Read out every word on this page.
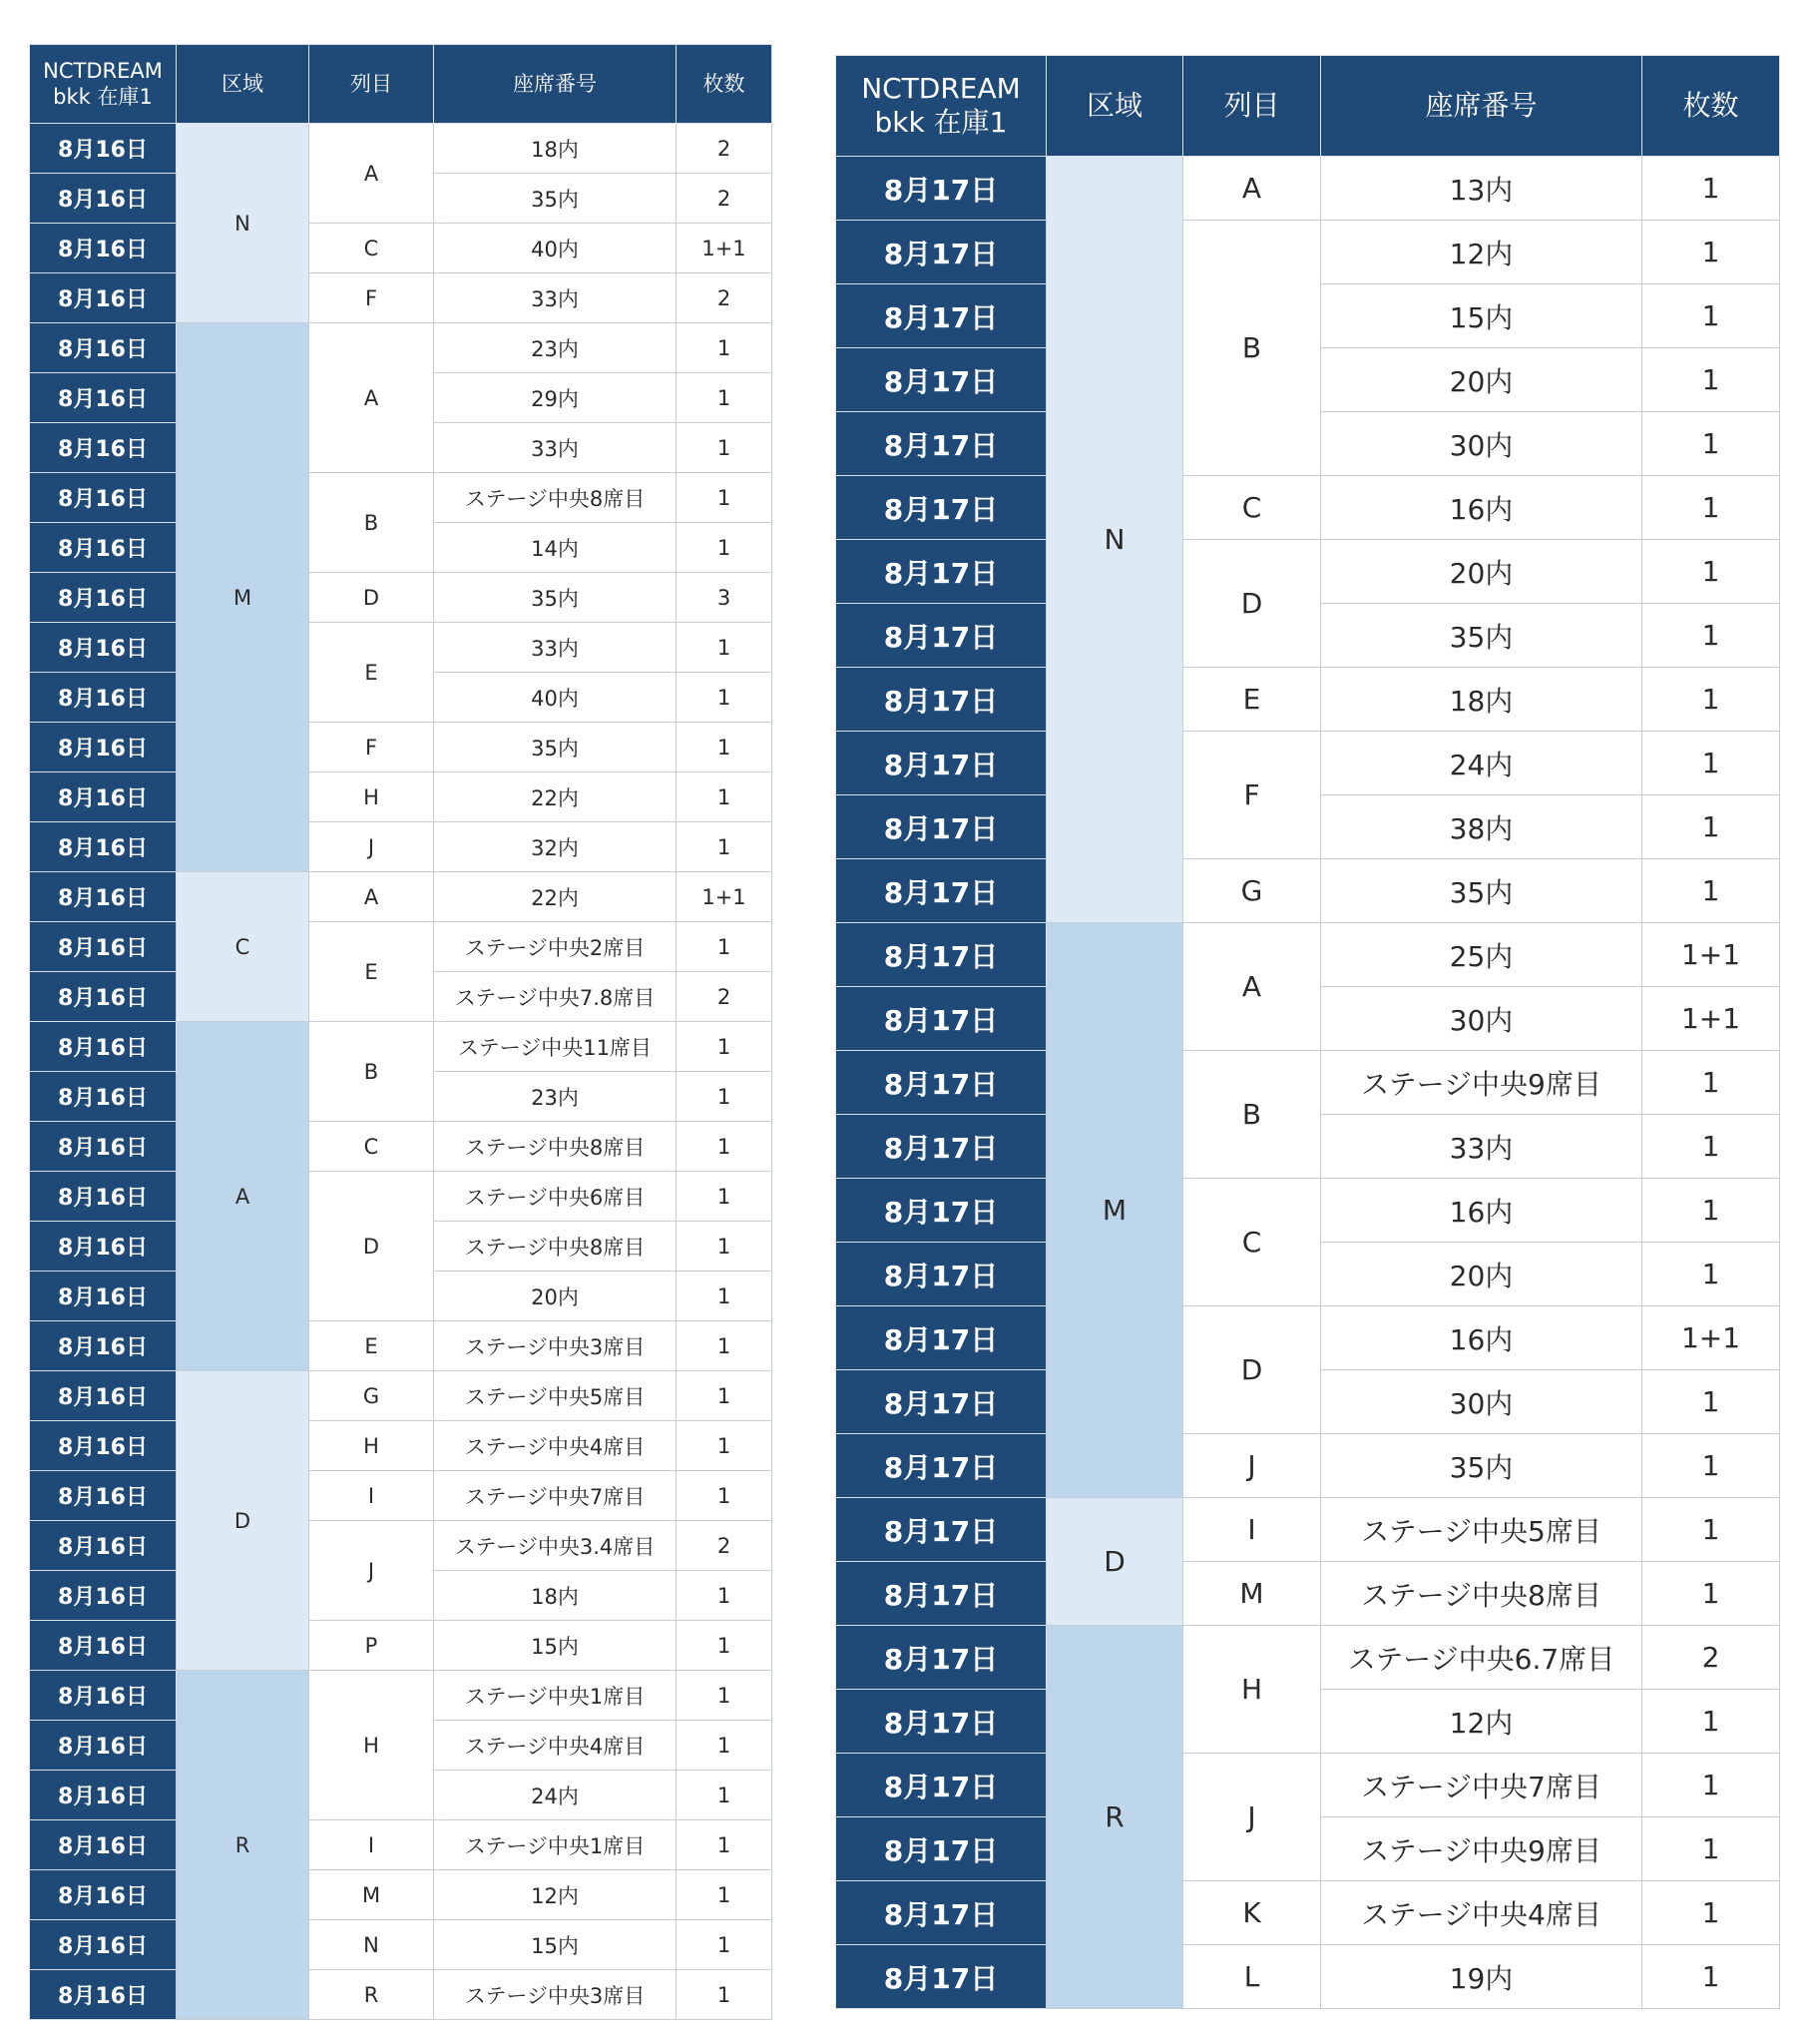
NCTDREAM
bkk 在庫1	区域	列目	座席番号	枚数
8月16日	N	A	18内	2
8月16日			35内	2
8月16日		C	40内	1+1
8月16日		F	33内	2
8月16日	M	A	23内	1
8月16日			29内	1
8月16日			33内	1
8月16日		B	ステージ中央8席目	1
8月16日			14内	1
8月16日		D	35内	3
8月16日		E	33内	1
8月16日			40内	1
8月16日		F	35内	1
8月16日		H	22内	1
8月16日		J	32内	1
8月16日	C	A	22内	1+1
8月16日		E	ステージ中央2席目	1
8月16日			ステージ中央7.8席目	2
8月16日	A	B	ステージ中央11席目	1
8月16日			23内	1
8月16日		C	ステージ中央8席目	1
8月16日		D	ステージ中央6席目	1
8月16日			ステージ中央8席目	1
8月16日			20内	1
8月16日		E	ステージ中央3席目	1
8月16日	D	G	ステージ中央5席目	1
8月16日		H	ステージ中央4席目	1
8月16日		I	ステージ中央7席目	1
8月16日		J	ステージ中央3.4席目	2
8月16日			18内	1
8月16日		P	15内	1
8月16日	R	H	ステージ中央1席目	1
8月16日			ステージ中央4席目	1
8月16日			24内	1
8月16日		I	ステージ中央1席目	1
8月16日		M	12内	1
8月16日		N	15内	1
8月16日		R	ステージ中央3席目	1
NCTDREAM
bkk 在庫1	区域	列目	座席番号	枚数
8月17日	N	A	13内	1
8月17日		B	12内	1
8月17日			15内	1
8月17日			20内	1
8月17日			30内	1
8月17日		C	16内	1
8月17日		D	20内	1
8月17日			35内	1
8月17日		E	18内	1
8月17日		F	24内	1
8月17日			38内	1
8月17日		G	35内	1
8月17日	M	A	25内	1+1
8月17日			30内	1+1
8月17日		B	ステージ中央9席目	1
8月17日			33内	1
8月17日		C	16内	1
8月17日			20内	1
8月17日		D	16内	1+1
8月17日			30内	1
8月17日		J	35内	1
8月17日	D	I	ステージ中央5席目	1
8月17日		M	ステージ中央8席目	1
8月17日	R	H	ステージ中央6.7席目	2
8月17日			12内	1
8月17日		J	ステージ中央7席目	1
8月17日			ステージ中央9席目	1
8月17日		K	ステージ中央4席目	1
8月17日		L	19内	1
